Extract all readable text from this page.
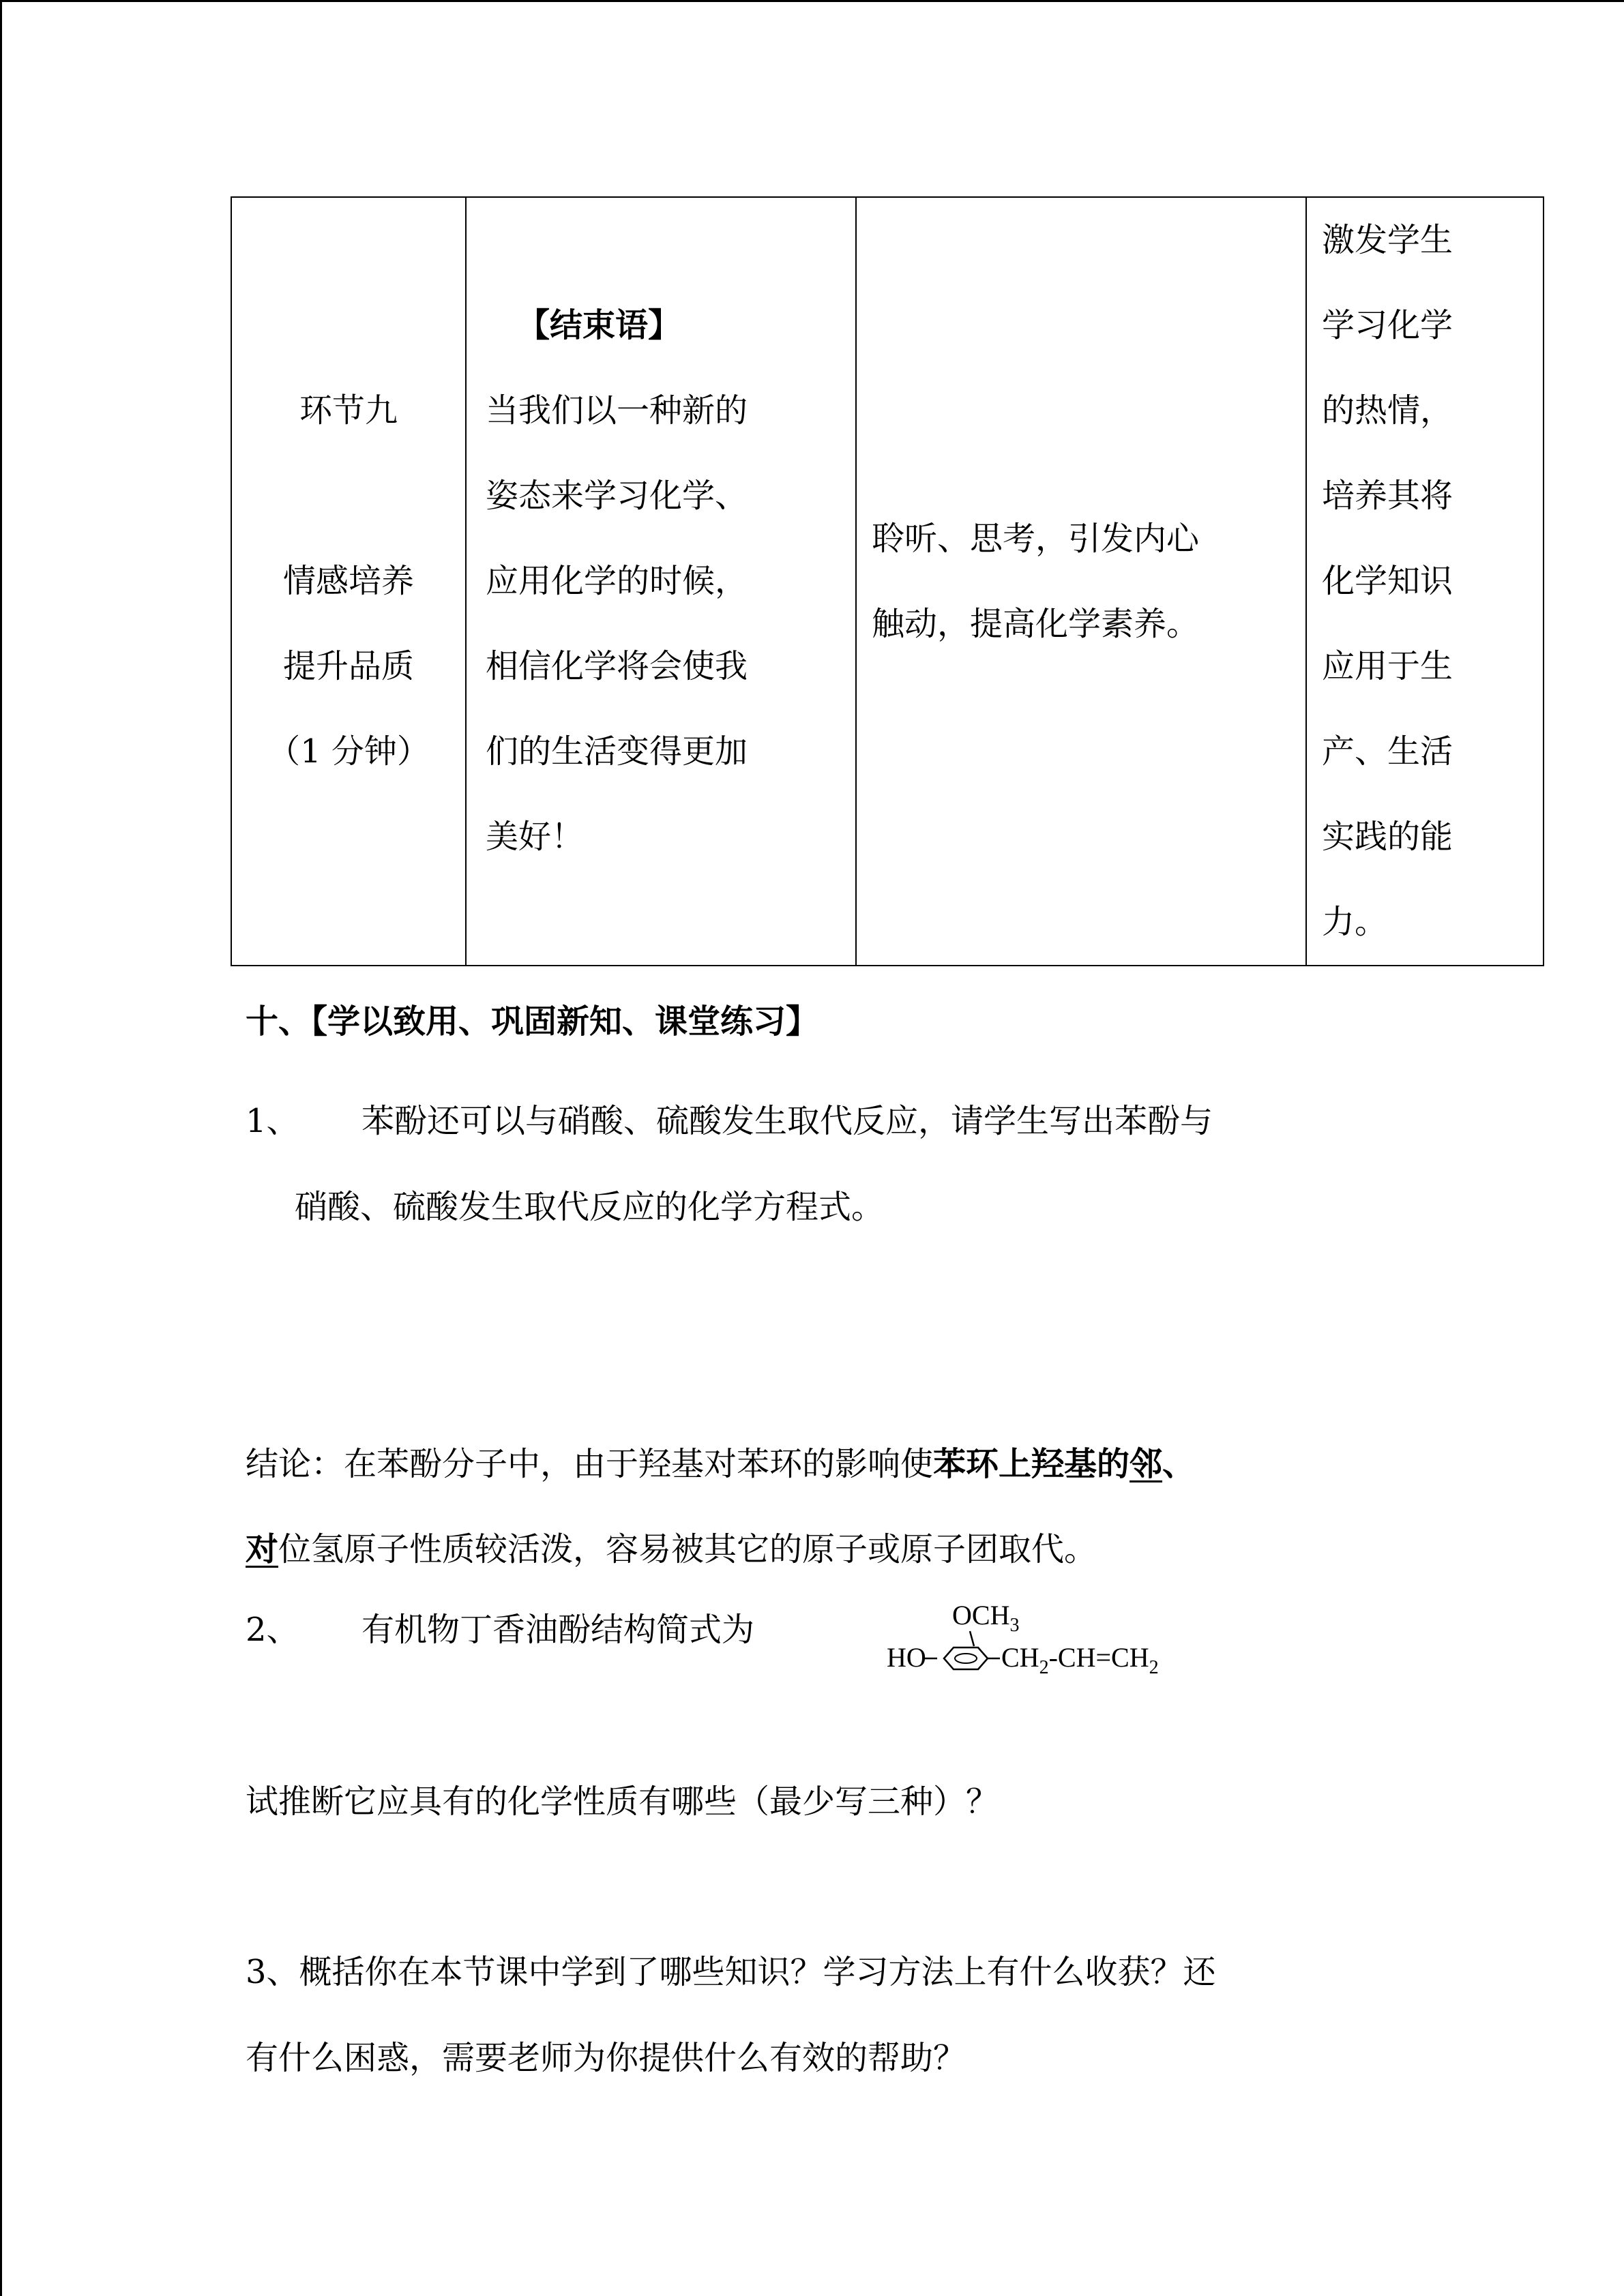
环节九
情感培养
提升品质
（1 分钟）

【结束语】
当我们以一种新的
姿态来学习化学、
应用化学的时候，
相信化学将会使我
们的生活变得更加
美好！

聆听、思考，引发内心
触动，提高化学素养。

激发学生
学习化学
的热情，
培养其将
化学知识
应用于生
产、生活
实践的能
力。
十、【学以致用、巩固新知、课堂练习】
1、 苯酚还可以与硝酸、硫酸发生取代反应，请学生写出苯酚与
硝酸、硫酸发生取代反应的化学方程式。
结论：在苯酚分子中，由于羟基对苯环的影响使苯环上羟基的邻、
对位氢原子性质较活泼，容易被其它的原子或原子团取代。
2、 有机物丁香油酚结构简式为	$OCH_3$
HO	$CH_2-CH=CH_2$
试推断它应具有的化学性质有哪些（最少写三种）？
3、概括你在本节课中学到了哪些知识？学习方法上有什么收获？还
有什么困惑，需要老师为你提供什么有效的帮助？
